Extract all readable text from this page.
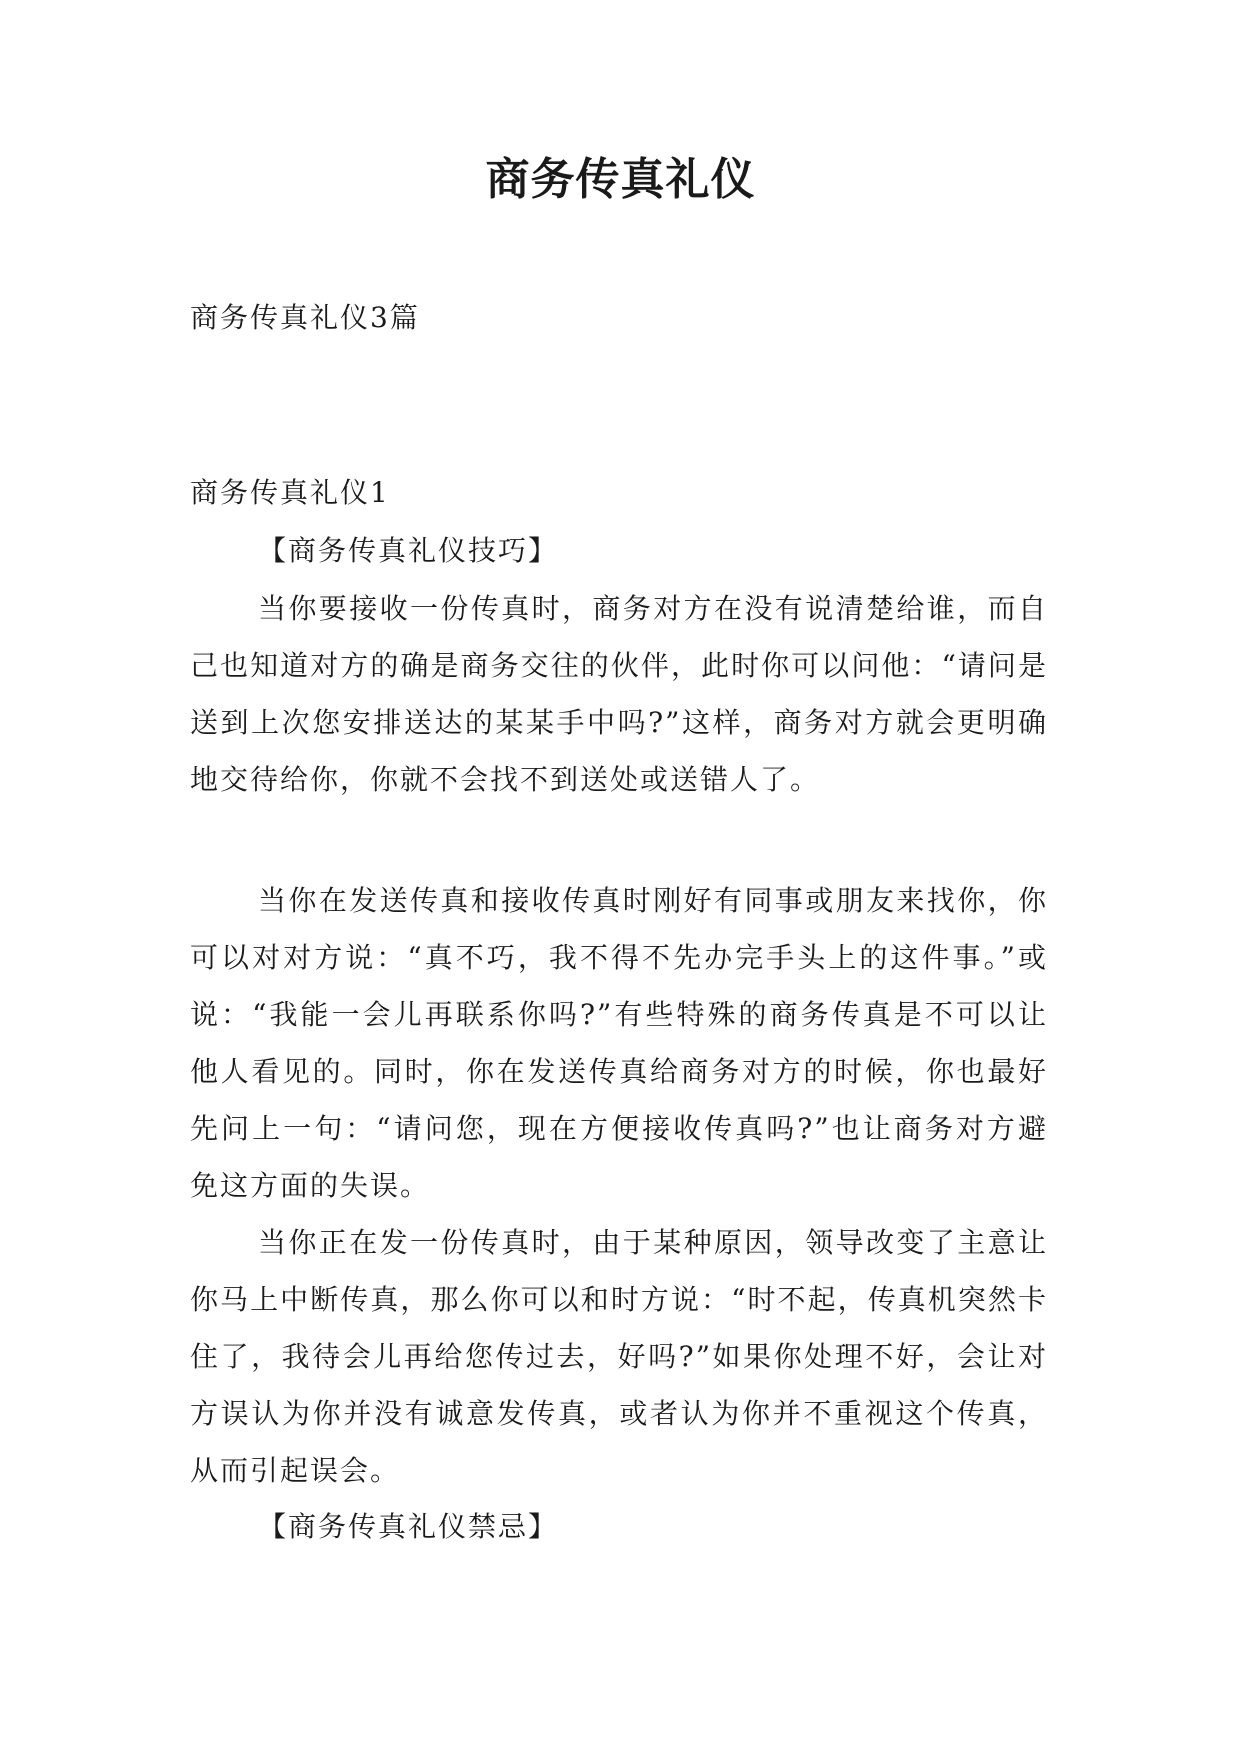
商务传真礼仪
商务传真礼仪3篇
商务传真礼仪1
【商务传真礼仪技巧】

当你要接收一份传真时，商务对方在没有说清楚给谁，而自己也知道对方的确是商务交往的伙伴，此时你可以问他：“请问是送到上次您安排送达的某某手中吗?”这样，商务对方就会更明确地交待给你，你就不会找不到送处或送错人了。

当你在发送传真和接收传真时刚好有同事或朋友来找你，你可以对对方说：“真不巧，我不得不先办完手头上的这件事。”或说：“我能一会儿再联系你吗?”有些特殊的商务传真是不可以让他人看见的。同时，你在发送传真给商务对方的时候，你也最好先问上一句：“请问您，现在方便接收传真吗?”也让商务对方避免这方面的失误。

当你正在发一份传真时，由于某种原因，领导改变了主意让你马上中断传真，那么你可以和时方说：“时不起，传真机突然卡住了，我待会儿再给您传过去，好吗?”如果你处理不好，会让对方误认为你并没有诚意发传真，或者认为你并不重视这个传真，从而引起误会。

【商务传真礼仪禁忌】
